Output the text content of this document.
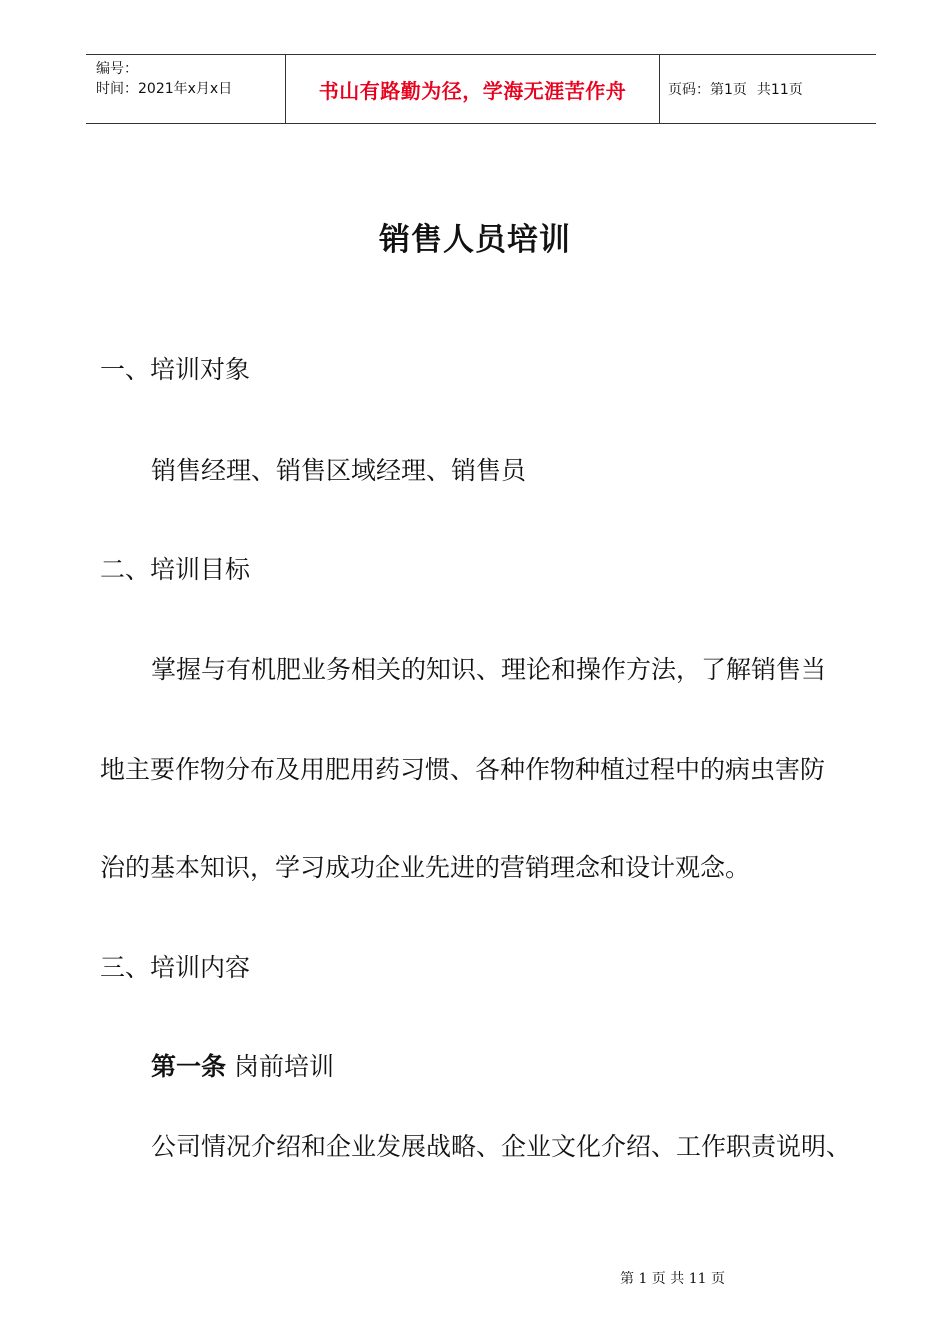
编号：
时间：2021年x月x日	书山有路勤为径，学海无涯苦作舟	页码：第1页 共11页
销售人员培训
一、培训对象
销售经理、销售区域经理、销售员
二、培训目标
掌握与有机肥业务相关的知识、理论和操作方法，了解销售当
地主要作物分布及用肥用药习惯、各种作物种植过程中的病虫害防
治的基本知识，学习成功企业先进的营销理念和设计观念。
三、培训内容
第一条 岗前培训
公司情况介绍和企业发展战略、企业文化介绍、工作职责说明、
第 1 页 共 11 页
